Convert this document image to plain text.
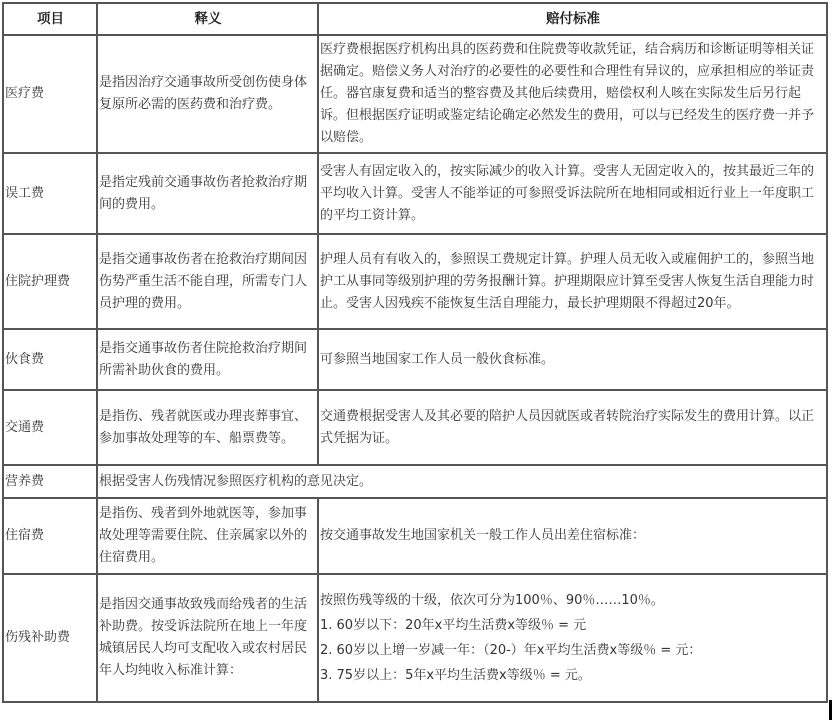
项目	释义	赔付标准
医疗费	是指因治疗交通事故所受创伤使身体复原所必需的医药费和治疗费。	医疗费根据医疗机构出具的医药费和住院费等收款凭证，结合病历和诊断证明等相关证据确定。赔偿义务人对治疗的必要性的必要性和合理性有异议的，应承担相应的举证责任。器官康复费和适当的整容费及其他后续费用，赔偿权利人咳在实际发生后另行起诉。但根据医疗证明或鉴定结论确定必然发生的费用，可以与已经发生的医疗费一并予以赔偿。
误工费	是指定残前交通事故伤者抢救治疗期间的费用。	受害人有固定收入的，按实际减少的收入计算。受害人无固定收入的，按其最近三年的平均收入计算。受害人不能举证的可参照受诉法院所在地相同或相近行业上一年度职工的平均工资计算。
住院护理费	是指交通事故伤者在抢救治疗期间因伤势严重生活不能自理，所需专门人员护理的费用。	护理人员有有收入的，参照误工费规定计算。护理人员无收入或雇佣护工的，参照当地护工从事同等级别护理的劳务报酬计算。护理期限应计算至受害人恢复生活自理能力时止。受害人因残疾不能恢复生活自理能力，最长护理期限不得超过20年。
伙食费	是指交通事故伤者住院抢救治疗期间所需补助伙食的费用。	可参照当地国家工作人员一般伙食标准。
交通费	是指伤、残者就医或办理丧葬事宜、参加事故处理等的车、船票费等。	交通费根据受害人及其必要的陪护人员因就医或者转院治疗实际发生的费用计算。以正式凭据为证。
营养费	根据受害人伤残情况参照医疗机构的意见决定。	
住宿费	是指伤、残者到外地就医等，参加事故处理等需要住院、住亲属家以外的住宿费用。	按交通事故发生地国家机关一般工作人员出差住宿标准：
伤残补助费	是指因交通事故致残而给残者的生活补助费。按受诉法院所在地上一年度城镇居民人均可支配收入或农村居民年人均纯收入标准计算：	按照伤残等级的十级，依次可分为100％、90％……10％。
1. 60岁以下：20年x平均生活费x等级％ = 元
2. 60岁以上增一岁减一年：（20-）年x平均生活费x等级％ = 元：
3. 75岁以上：5年x平均生活费x等级％ = 元。
